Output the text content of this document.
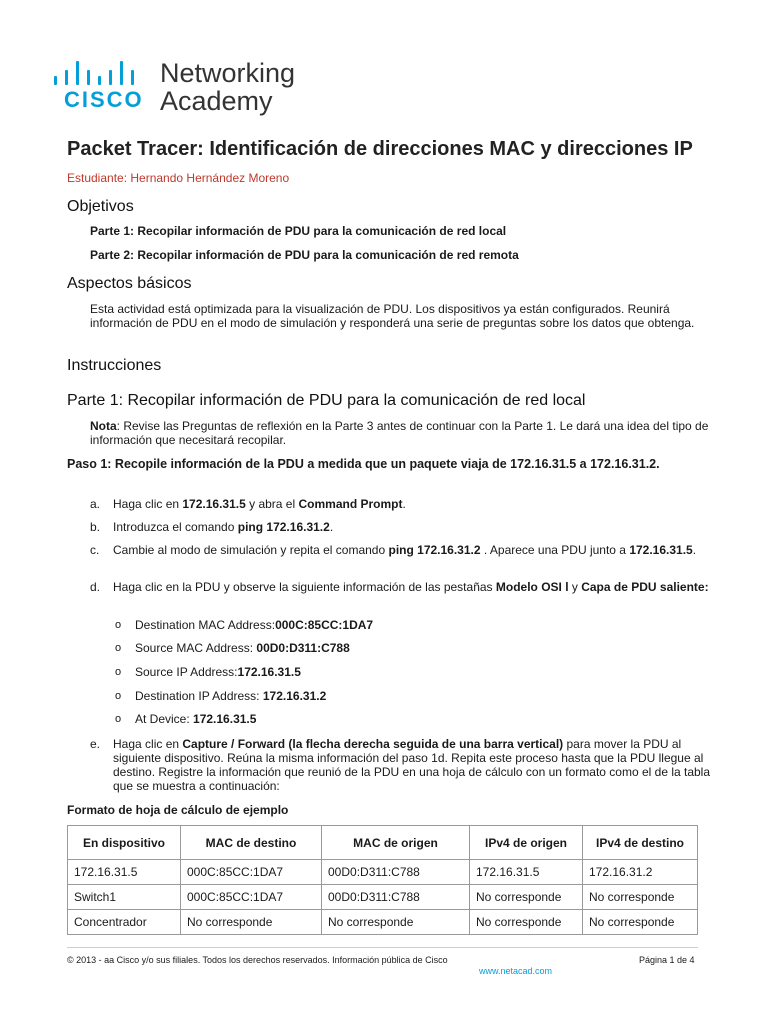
CISCO
Networking
Academy
Packet Tracer: Identificación de direcciones MAC y direcciones IP
Estudiante: Hernando Hernández Moreno
Objetivos
Parte 1: Recopilar información de PDU para la comunicación de red local
Parte 2: Recopilar información de PDU para la comunicación de red remota
Aspectos básicos
Esta actividad está optimizada para la visualización de PDU. Los dispositivos ya están configurados. Reunirá información de PDU en el modo de simulación y responderá una serie de preguntas sobre los datos que obtenga.
Instrucciones
Parte 1: Recopilar información de PDU para la comunicación de red local
Nota: Revise las Preguntas de reflexión en la Parte 3 antes de continuar con la Parte 1. Le dará una idea del tipo de información que necesitará recopilar.
Paso 1: Recopile información de la PDU a medida que un paquete viaja de 172.16.31.5 a 172.16.31.2.
a.	Haga clic en 172.16.31.5 y abra el Command Prompt.
b.	Introduzca el comando ping 172.16.31.2.
c.	Cambie al modo de simulación y repita el comando ping 172.16.31.2 . Aparece una PDU junto a 172.16.31.5.
d.	Haga clic en la PDU y observe la siguiente información de las pestañas Modelo OSI l y Capa de PDU saliente:
o Destination MAC Address:000C:85CC:1DA7
o Source MAC Address: 00D0:D311:C788
o Source IP Address:172.16.31.5
o Destination IP Address: 172.16.31.2
o At Device: 172.16.31.5
e.	Haga clic en Capture / Forward (la flecha derecha seguida de una barra vertical) para mover la PDU al siguiente dispositivo. Reúna la misma información del paso 1d. Repita este proceso hasta que la PDU llegue al destino. Registre la información que reunió de la PDU en una hoja de cálculo con un formato como el de la tabla que se muestra a continuación:
Formato de hoja de cálculo de ejemplo
En dispositivo	MAC de destino	MAC de origen	IPv4 de origen	IPv4 de destino
172.16.31.5	000C:85CC:1DA7	00D0:D311:C788	172.16.31.5	172.16.31.2
Switch1	000C:85CC:1DA7	00D0:D311:C788	No corresponde	No corresponde
Concentrador	No corresponde	No corresponde	No corresponde	No corresponde
© 2013 - aa Cisco y/o sus filiales. Todos los derechos reservados. Información pública de Cisco	Página 1 de 4
www.netacad.com
